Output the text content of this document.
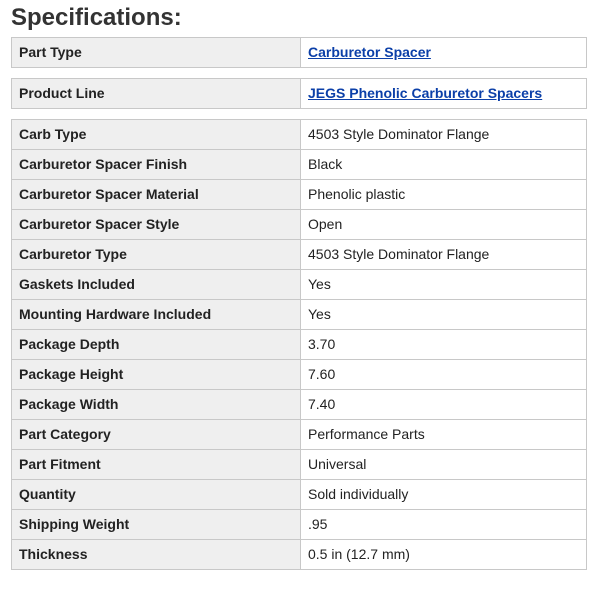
Specifications:
Part Type	Carburetor Spacer
Product Line	JEGS Phenolic Carburetor Spacers
Carb Type	4503 Style Dominator Flange
Carburetor Spacer Finish	Black
Carburetor Spacer Material	Phenolic plastic
Carburetor Spacer Style	Open
Carburetor Type	4503 Style Dominator Flange
Gaskets Included	Yes
Mounting Hardware Included	Yes
Package Depth	3.70
Package Height	7.60
Package Width	7.40
Part Category	Performance Parts
Part Fitment	Universal
Quantity	Sold individually
Shipping Weight	.95
Thickness	0.5 in (12.7 mm)
